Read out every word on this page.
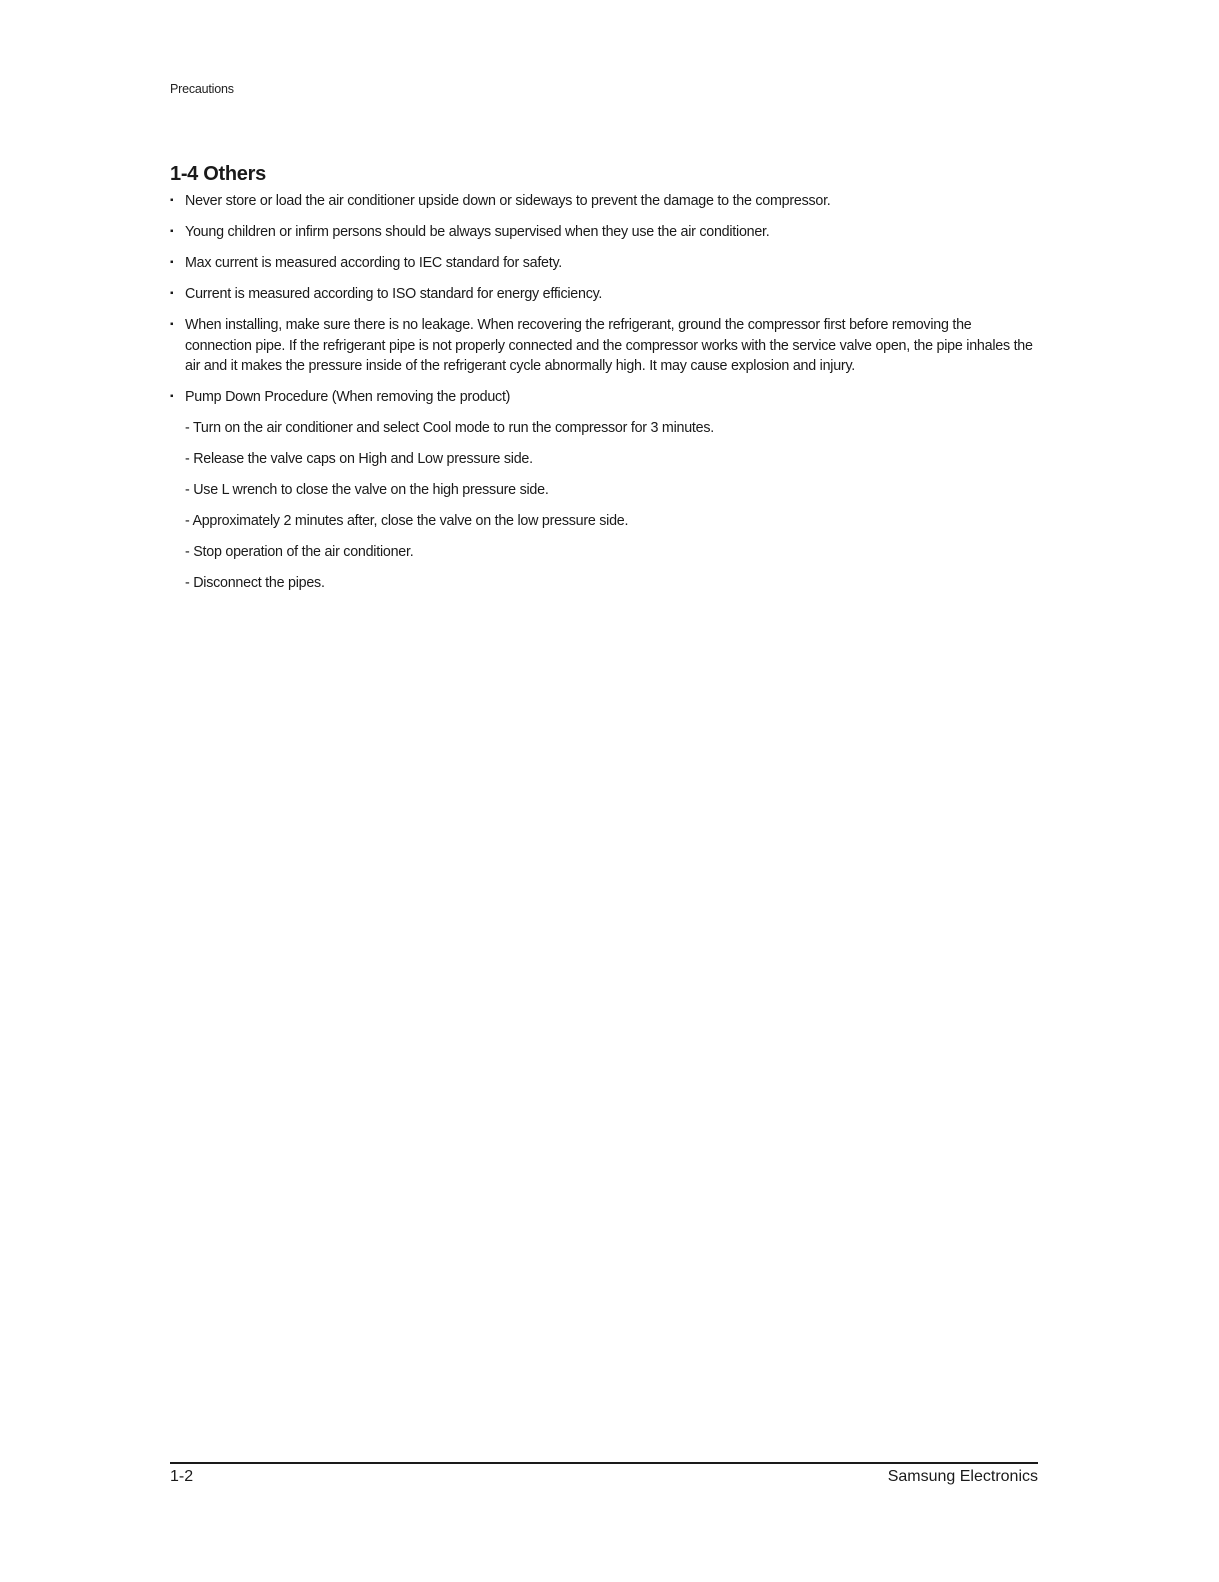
Precautions
1-4 Others
▪ Never store or load the air conditioner upside down or sideways to prevent the damage to the compressor.
▪ Young children or infirm persons should be always supervised when they use the air conditioner.
▪ Max current is measured according to IEC standard for safety.
▪ Current is measured according to ISO standard for energy efficiency.
▪ When installing, make sure there is no leakage. When recovering the refrigerant, ground the compressor first before removing the connection pipe. If the refrigerant pipe is not properly connected and the compressor works with the service valve open, the pipe inhales the air and it makes the pressure inside of the refrigerant cycle abnormally high. It may cause explosion and injury.
▪ Pump Down Procedure (When removing the product)
- Turn on the air conditioner and select Cool mode to run the compressor for 3 minutes.
- Release the valve caps on High and Low pressure side.
- Use L wrench to close the valve on the high pressure side.
- Approximately 2 minutes after, close the valve on the low pressure side.
- Stop operation of the air conditioner.
- Disconnect the pipes.
1-2	Samsung Electronics
